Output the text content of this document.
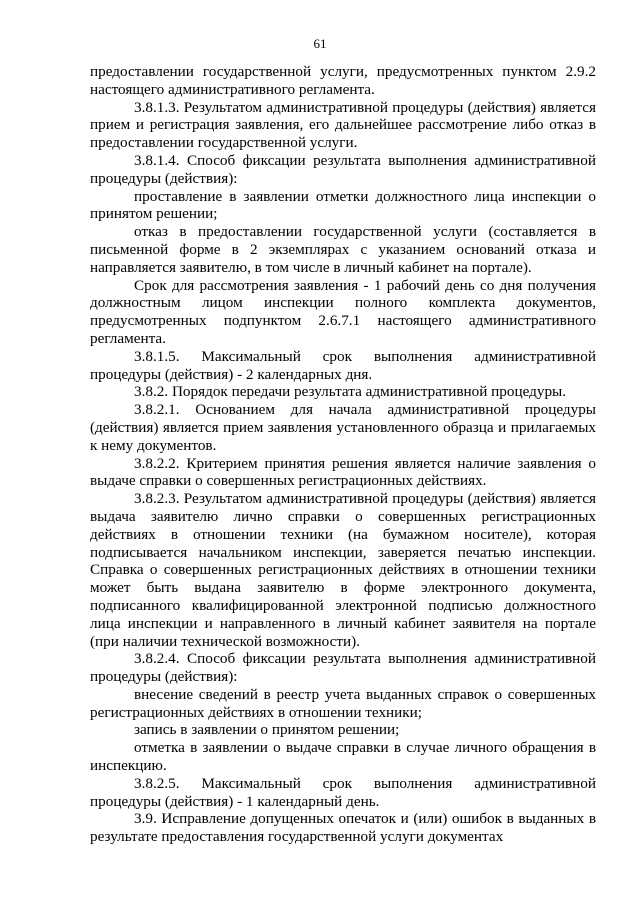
61

предоставлении государственной услуги, предусмотренных пунктом 2.9.2 настоящего административного регламента.

3.8.1.3. Результатом административной процедуры (действия) является прием и регистрация заявления, его дальнейшее рассмотрение либо отказ в предоставлении государственной услуги.

3.8.1.4. Способ фиксации результата выполнения административной процедуры (действия):

проставление в заявлении отметки должностного лица инспекции о принятом решении;

отказ в предоставлении государственной услуги (составляется в письменной форме в 2 экземплярах с указанием оснований отказа и направляется заявителю, в том числе в личный кабинет на портале).

Срок для рассмотрения заявления - 1 рабочий день со дня получения должностным лицом инспекции полного комплекта документов, предусмотренных подпунктом 2.6.7.1 настоящего административного регламента.

3.8.1.5. Максимальный срок выполнения административной процедуры (действия) - 2 календарных дня.

3.8.2. Порядок передачи результата административной процедуры.

3.8.2.1. Основанием для начала административной процедуры (действия) является прием заявления установленного образца и прилагаемых к нему документов.

3.8.2.2. Критерием принятия решения является наличие заявления о выдаче справки о совершенных регистрационных действиях.

3.8.2.3. Результатом административной процедуры (действия) является выдача заявителю лично справки о совершенных регистрационных действиях в отношении техники (на бумажном носителе), которая подписывается начальником инспекции, заверяется печатью инспекции. Справка о совершенных регистрационных действиях в отношении техники может быть выдана заявителю в форме электронного документа, подписанного квалифицированной электронной подписью должностного лица инспекции и направленного в личный кабинет заявителя на портале (при наличии технической возможности).

3.8.2.4. Способ фиксации результата выполнения административной процедуры (действия):

внесение сведений в реестр учета выданных справок о совершенных регистрационных действиях в отношении техники;

запись в заявлении о принятом решении;

отметка в заявлении о выдаче справки в случае личного обращения в инспекцию.

3.8.2.5. Максимальный срок выполнения административной процедуры (действия) - 1 календарный день.

3.9. Исправление допущенных опечаток и (или) ошибок в выданных в результате предоставления государственной услуги документах
